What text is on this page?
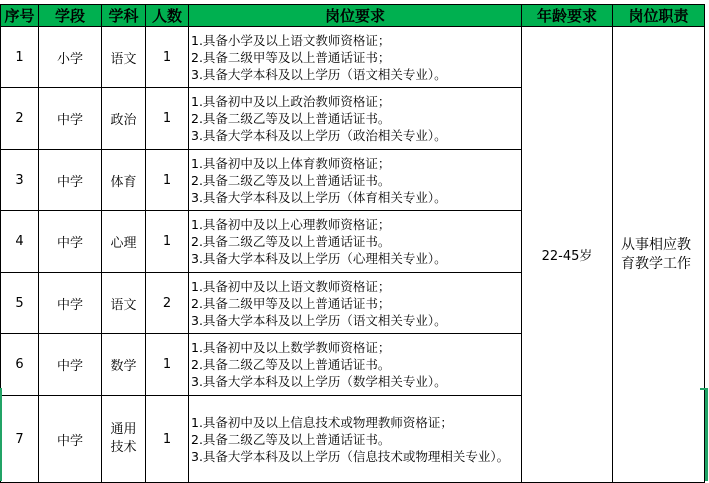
序号	学段	学科	人数	岗位要求	年龄要求	岗位职责
1	小学	语文	1	1.具备小学及以上语文教师资格证；
2.具备二级甲等及以上普通话证书；
3.具备大学本科及以上学历（语文相关专业）。	22-45岁	从事相应教育教学工作

2	中学	政治	1	1.具备初中及以上政治教师资格证；
2.具备二级乙等及以上普通话证书。
3.具备大学本科及以上学历（政治相关专业）。		

3	中学	体育	1	1.具备初中及以上体育教师资格证；
2.具备二级乙等及以上普通话证书。
3.具备大学本科及以上学历（体育相关专业）。		

4	中学	心理	1	1.具备初中及以上心理教师资格证；
2.具备二级乙等及以上普通话证书。
3.具备大学本科及以上学历（心理相关专业）。		

5	中学	语文	2	1.具备初中及以上语文教师资格证；
2.具备二级甲等及以上普通话证书；
3.具备大学本科及以上学历（语文相关专业）。		

6	中学	数学	1	1.具备初中及以上数学教师资格证；
2.具备二级乙等及以上普通话证书。
3.具备大学本科及以上学历（数学相关专业）。		

7	中学	通用
技术	1	1.具备初中及以上信息技术或物理教师资格证；
2.具备二级乙等及以上普通话证书。
3.具备大学本科及以上学历（信息技术或物理相关专业）。		
